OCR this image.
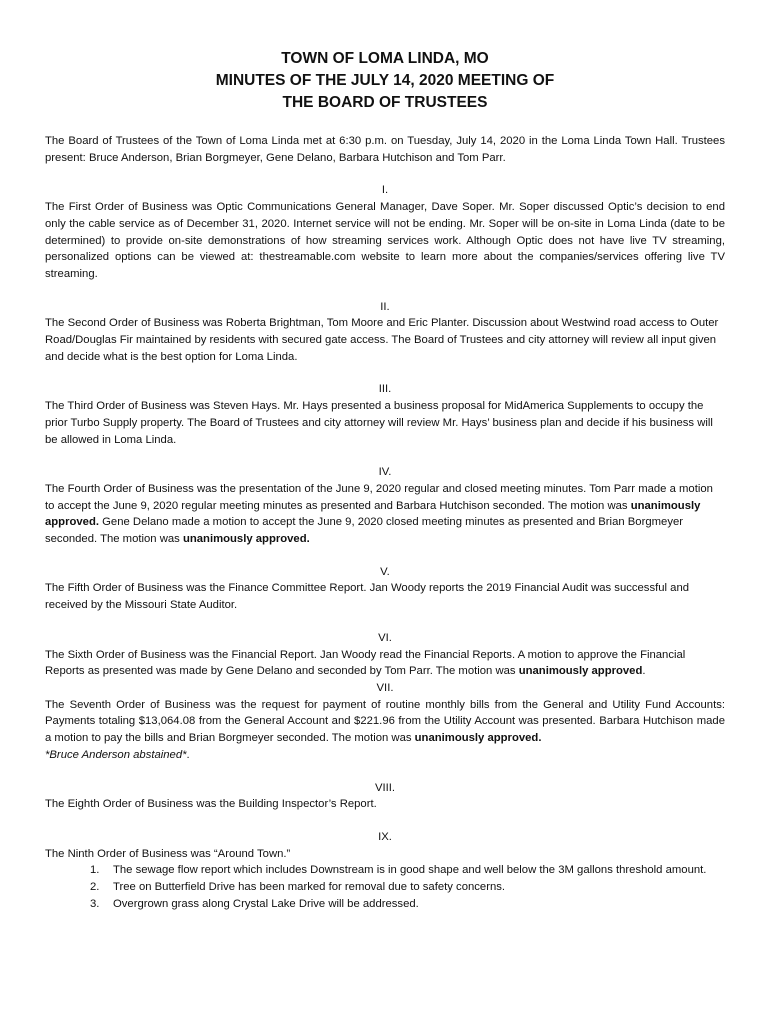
TOWN OF LOMA LINDA, MO
MINUTES OF THE JULY 14, 2020 MEETING OF
THE BOARD OF TRUSTEES

The Board of Trustees of the Town of Loma Linda met at 6:30 p.m. on Tuesday, July 14, 2020 in the Loma Linda Town Hall. Trustees present: Bruce Anderson, Brian Borgmeyer, Gene Delano, Barbara Hutchison and Tom Parr.

I.

The First Order of Business was Optic Communications General Manager, Dave Soper. Mr. Soper discussed Optic’s decision to end only the cable service as of December 31, 2020. Internet service will not be ending. Mr. Soper will be on-site in Loma Linda (date to be determined) to provide on-site demonstrations of how streaming services work. Although Optic does not have live TV streaming, personalized options can be viewed at: thestreamable.com website to learn more about the companies/services offering live TV streaming.

II.

The Second Order of Business was Roberta Brightman, Tom Moore and Eric Planter. Discussion about Westwind road access to Outer Road/Douglas Fir maintained by residents with secured gate access. The Board of Trustees and city attorney will review all input given and decide what is the best option for Loma Linda.

III.

The Third Order of Business was Steven Hays. Mr. Hays presented a business proposal for MidAmerica Supplements to occupy the prior Turbo Supply property. The Board of Trustees and city attorney will review Mr. Hays’ business plan and decide if his business will be allowed in Loma Linda.

IV.

The Fourth Order of Business was the presentation of the June 9, 2020 regular and closed meeting minutes. Tom Parr made a motion to accept the June 9, 2020 regular meeting minutes as presented and Barbara Hutchison seconded. The motion was unanimously approved. Gene Delano made a motion to accept the June 9, 2020 closed meeting minutes as presented and Brian Borgmeyer seconded. The motion was unanimously approved.

V.

The Fifth Order of Business was the Finance Committee Report. Jan Woody reports the 2019 Financial Audit was successful and received by the Missouri State Auditor.

VI.

The Sixth Order of Business was the Financial Report. Jan Woody read the Financial Reports. A motion to approve the Financial Reports as presented was made by Gene Delano and seconded by Tom Parr. The motion was unanimously approved.

VII.

The Seventh Order of Business was the request for payment of routine monthly bills from the General and Utility Fund Accounts: Payments totaling $13,064.08 from the General Account and $221.96 from the Utility Account was presented. Barbara Hutchison made a motion to pay the bills and Brian Borgmeyer seconded. The motion was unanimously approved.
*Bruce Anderson abstained*.

VIII.

The Eighth Order of Business was the Building Inspector’s Report.

IX.

The Ninth Order of Business was “Around Town.”

1. The sewage flow report which includes Downstream is in good shape and well below the 3M gallons threshold amount.
2. Tree on Butterfield Drive has been marked for removal due to safety concerns.
3. Overgrown grass along Crystal Lake Drive will be addressed.
